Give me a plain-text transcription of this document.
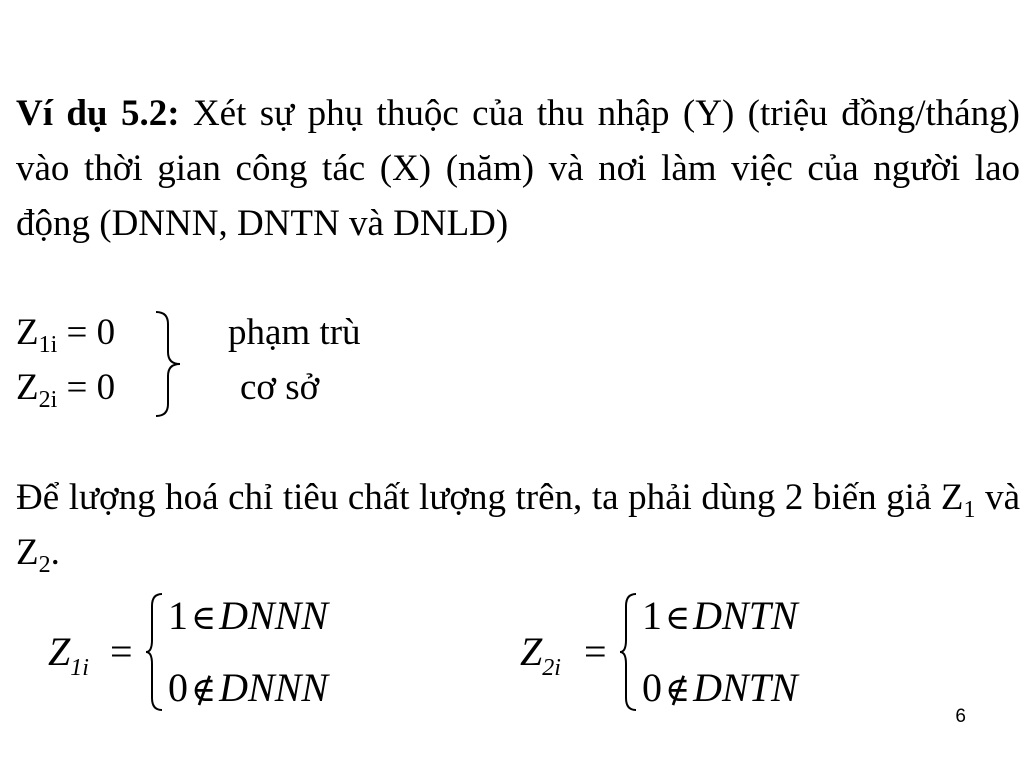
Ví dụ 5.2: Xét sự phụ thuộc của thu nhập (Y) (triệu đồng/tháng) vào thời gian công tác (X) (năm) và nơi làm việc của người lao động (DNNN, DNTN và DNLD)
$Z_{1i} = 0$	phạm trù
$Z_{2i} = 0$	cơ sở
Để lượng hoá chỉ tiêu chất lượng trên, ta phải dùng 2 biến giả $Z_1$ và $Z_2$.
$Z_{1i}$ =
1∈DNNN
0∉DNNN
$Z_{2i}$ =
1∈DNTN
0∉DNTN
6
